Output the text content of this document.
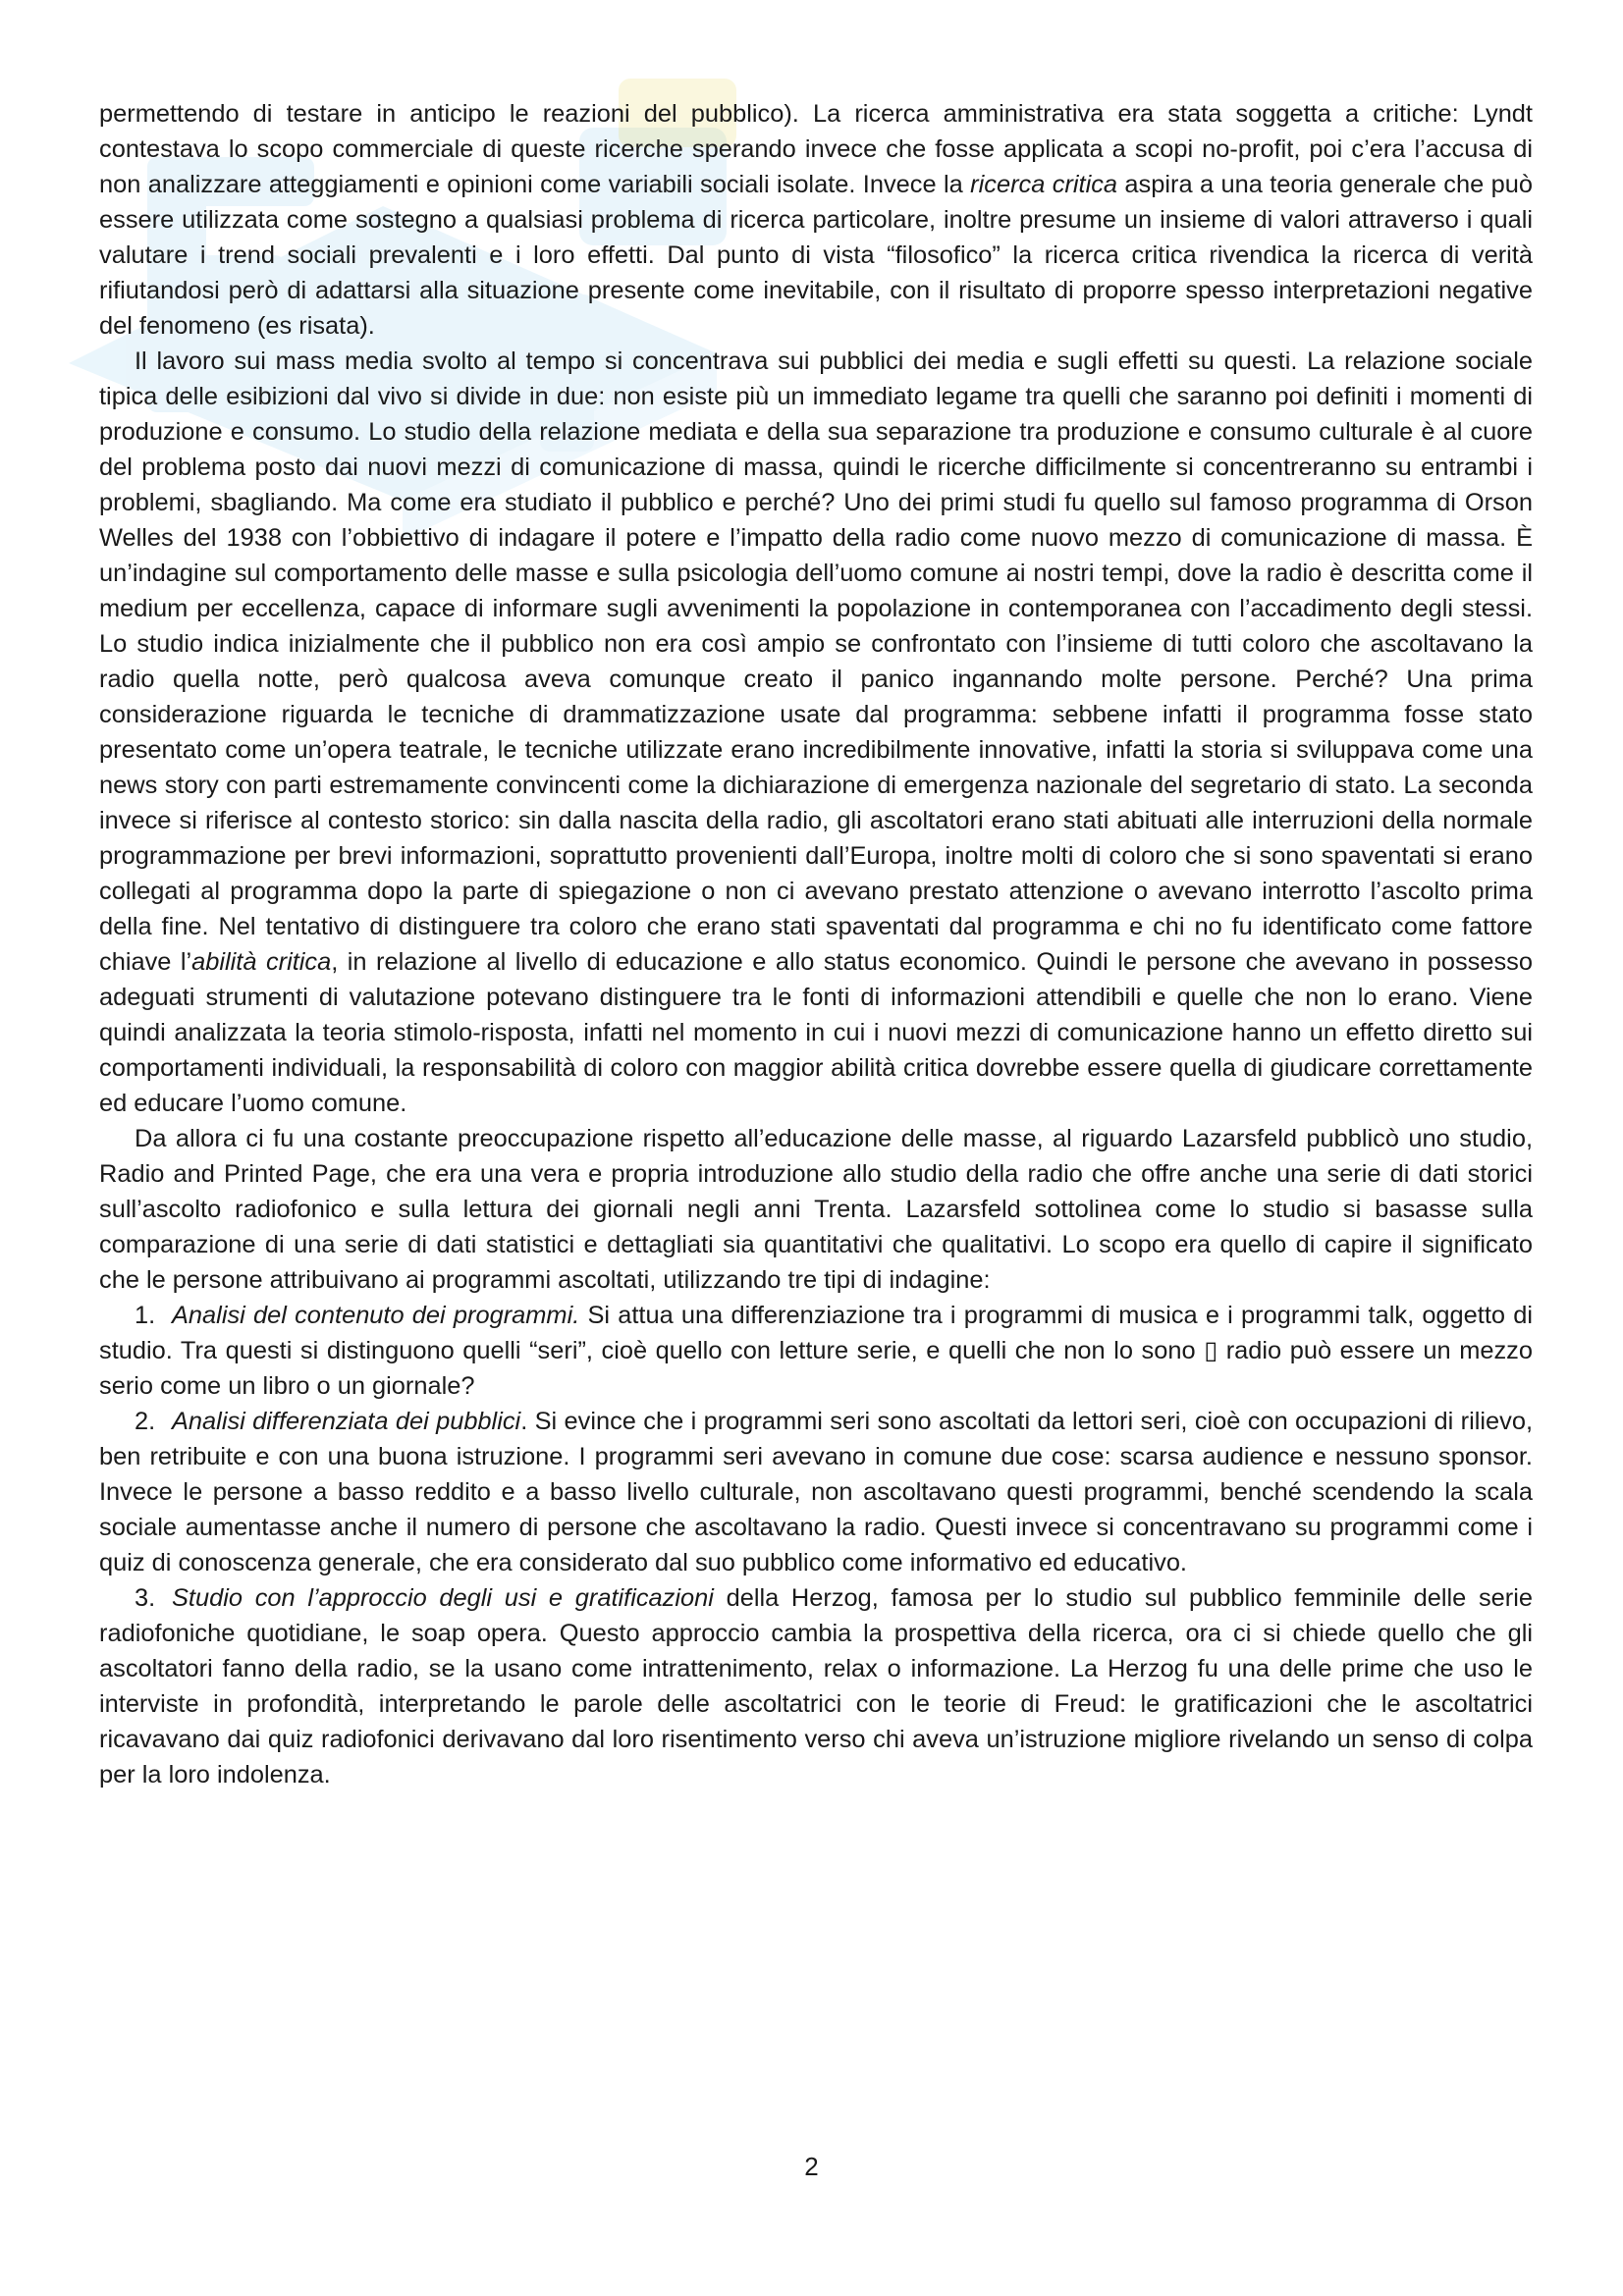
permettendo di testare in anticipo le reazioni del pubblico). La ricerca amministrativa era stata soggetta a critiche: Lyndt contestava lo scopo commerciale di queste ricerche sperando invece che fosse applicata a scopi no-profit, poi c’era l’accusa di non analizzare atteggiamenti e opinioni come variabili sociali isolate. Invece la ricerca critica aspira a una teoria generale che può essere utilizzata come sostegno a qualsiasi problema di ricerca particolare, inoltre presume un insieme di valori attraverso i quali valutare i trend sociali prevalenti e i loro effetti. Dal punto di vista “filosofico” la ricerca critica rivendica la ricerca di verità rifiutandosi però di adattarsi alla situazione presente come inevitabile, con il risultato di proporre spesso interpretazioni negative del fenomeno (es risata).

Il lavoro sui mass media svolto al tempo si concentrava sui pubblici dei media e sugli effetti su questi. La relazione sociale tipica delle esibizioni dal vivo si divide in due: non esiste più un immediato legame tra quelli che saranno poi definiti i momenti di produzione e consumo. Lo studio della relazione mediata e della sua separazione tra produzione e consumo culturale è al cuore del problema posto dai nuovi mezzi di comunicazione di massa, quindi le ricerche difficilmente si concentreranno su entrambi i problemi, sbagliando. Ma come era studiato il pubblico e perché? Uno dei primi studi fu quello sul famoso programma di Orson Welles del 1938 con l’obbiettivo di indagare il potere e l’impatto della radio come nuovo mezzo di comunicazione di massa. È un’indagine sul comportamento delle masse e sulla psicologia dell’uomo comune ai nostri tempi, dove la radio è descritta come il medium per eccellenza, capace di informare sugli avvenimenti la popolazione in contemporanea con l’accadimento degli stessi. Lo studio indica inizialmente che il pubblico non era così ampio se confrontato con l’insieme di tutti coloro che ascoltavano la radio quella notte, però qualcosa aveva comunque creato il panico ingannando molte persone. Perché? Una prima considerazione riguarda le tecniche di drammatizzazione usate dal programma: sebbene infatti il programma fosse stato presentato come un’opera teatrale, le tecniche utilizzate erano incredibilmente innovative, infatti la storia si sviluppava come una news story con parti estremamente convincenti come la dichiarazione di emergenza nazionale del segretario di stato. La seconda invece si riferisce al contesto storico: sin dalla nascita della radio, gli ascoltatori erano stati abituati alle interruzioni della normale programmazione per brevi informazioni, soprattutto provenienti dall’Europa, inoltre molti di coloro che si sono spaventati si erano collegati al programma dopo la parte di spiegazione o non ci avevano prestato attenzione o avevano interrotto l’ascolto prima della fine. Nel tentativo di distinguere tra coloro che erano stati spaventati dal programma e chi no fu identificato come fattore chiave l’abilità critica, in relazione al livello di educazione e allo status economico. Quindi le persone che avevano in possesso adeguati strumenti di valutazione potevano distinguere tra le fonti di informazioni attendibili e quelle che non lo erano. Viene quindi analizzata la teoria stimolo-risposta, infatti nel momento in cui i nuovi mezzi di comunicazione hanno un effetto diretto sui comportamenti individuali, la responsabilità di coloro con maggior abilità critica dovrebbe essere quella di giudicare correttamente ed educare l’uomo comune.

Da allora ci fu una costante preoccupazione rispetto all’educazione delle masse, al riguardo Lazarsfeld pubblicò uno studio, Radio and Printed Page, che era una vera e propria introduzione allo studio della radio che offre anche una serie di dati storici sull’ascolto radiofonico e sulla lettura dei giornali negli anni Trenta. Lazarsfeld sottolinea come lo studio si basasse sulla comparazione di una serie di dati statistici e dettagliati sia quantitativi che qualitativi. Lo scopo era quello di capire il significato che le persone attribuivano ai programmi ascoltati, utilizzando tre tipi di indagine:

1. Analisi del contenuto dei programmi. Si attua una differenziazione tra i programmi di musica e i programmi talk, oggetto di studio. Tra questi si distinguono quelli “seri”, cioè quello con letture serie, e quelli che non lo sono ▯ radio può essere un mezzo serio come un libro o un giornale?

2. Analisi differenziata dei pubblici. Si evince che i programmi seri sono ascoltati da lettori seri, cioè con occupazioni di rilievo, ben retribuite e con una buona istruzione. I programmi seri avevano in comune due cose: scarsa audience e nessuno sponsor. Invece le persone a basso reddito e a basso livello culturale, non ascoltavano questi programmi, benché scendendo la scala sociale aumentasse anche il numero di persone che ascoltavano la radio. Questi invece si concentravano su programmi come i quiz di conoscenza generale, che era considerato dal suo pubblico come informativo ed educativo.

3. Studio con l’approccio degli usi e gratificazioni della Herzog, famosa per lo studio sul pubblico femminile delle serie radiofoniche quotidiane, le soap opera. Questo approccio cambia la prospettiva della ricerca, ora ci si chiede quello che gli ascoltatori fanno della radio, se la usano come intrattenimento, relax o informazione. La Herzog fu una delle prime che uso le interviste in profondità, interpretando le parole delle ascoltatrici con le teorie di Freud: le gratificazioni che le ascoltatrici ricavavano dai quiz radiofonici derivavano dal loro risentimento verso chi aveva un’istruzione migliore rivelando un senso di colpa per la loro indolenza.

2
